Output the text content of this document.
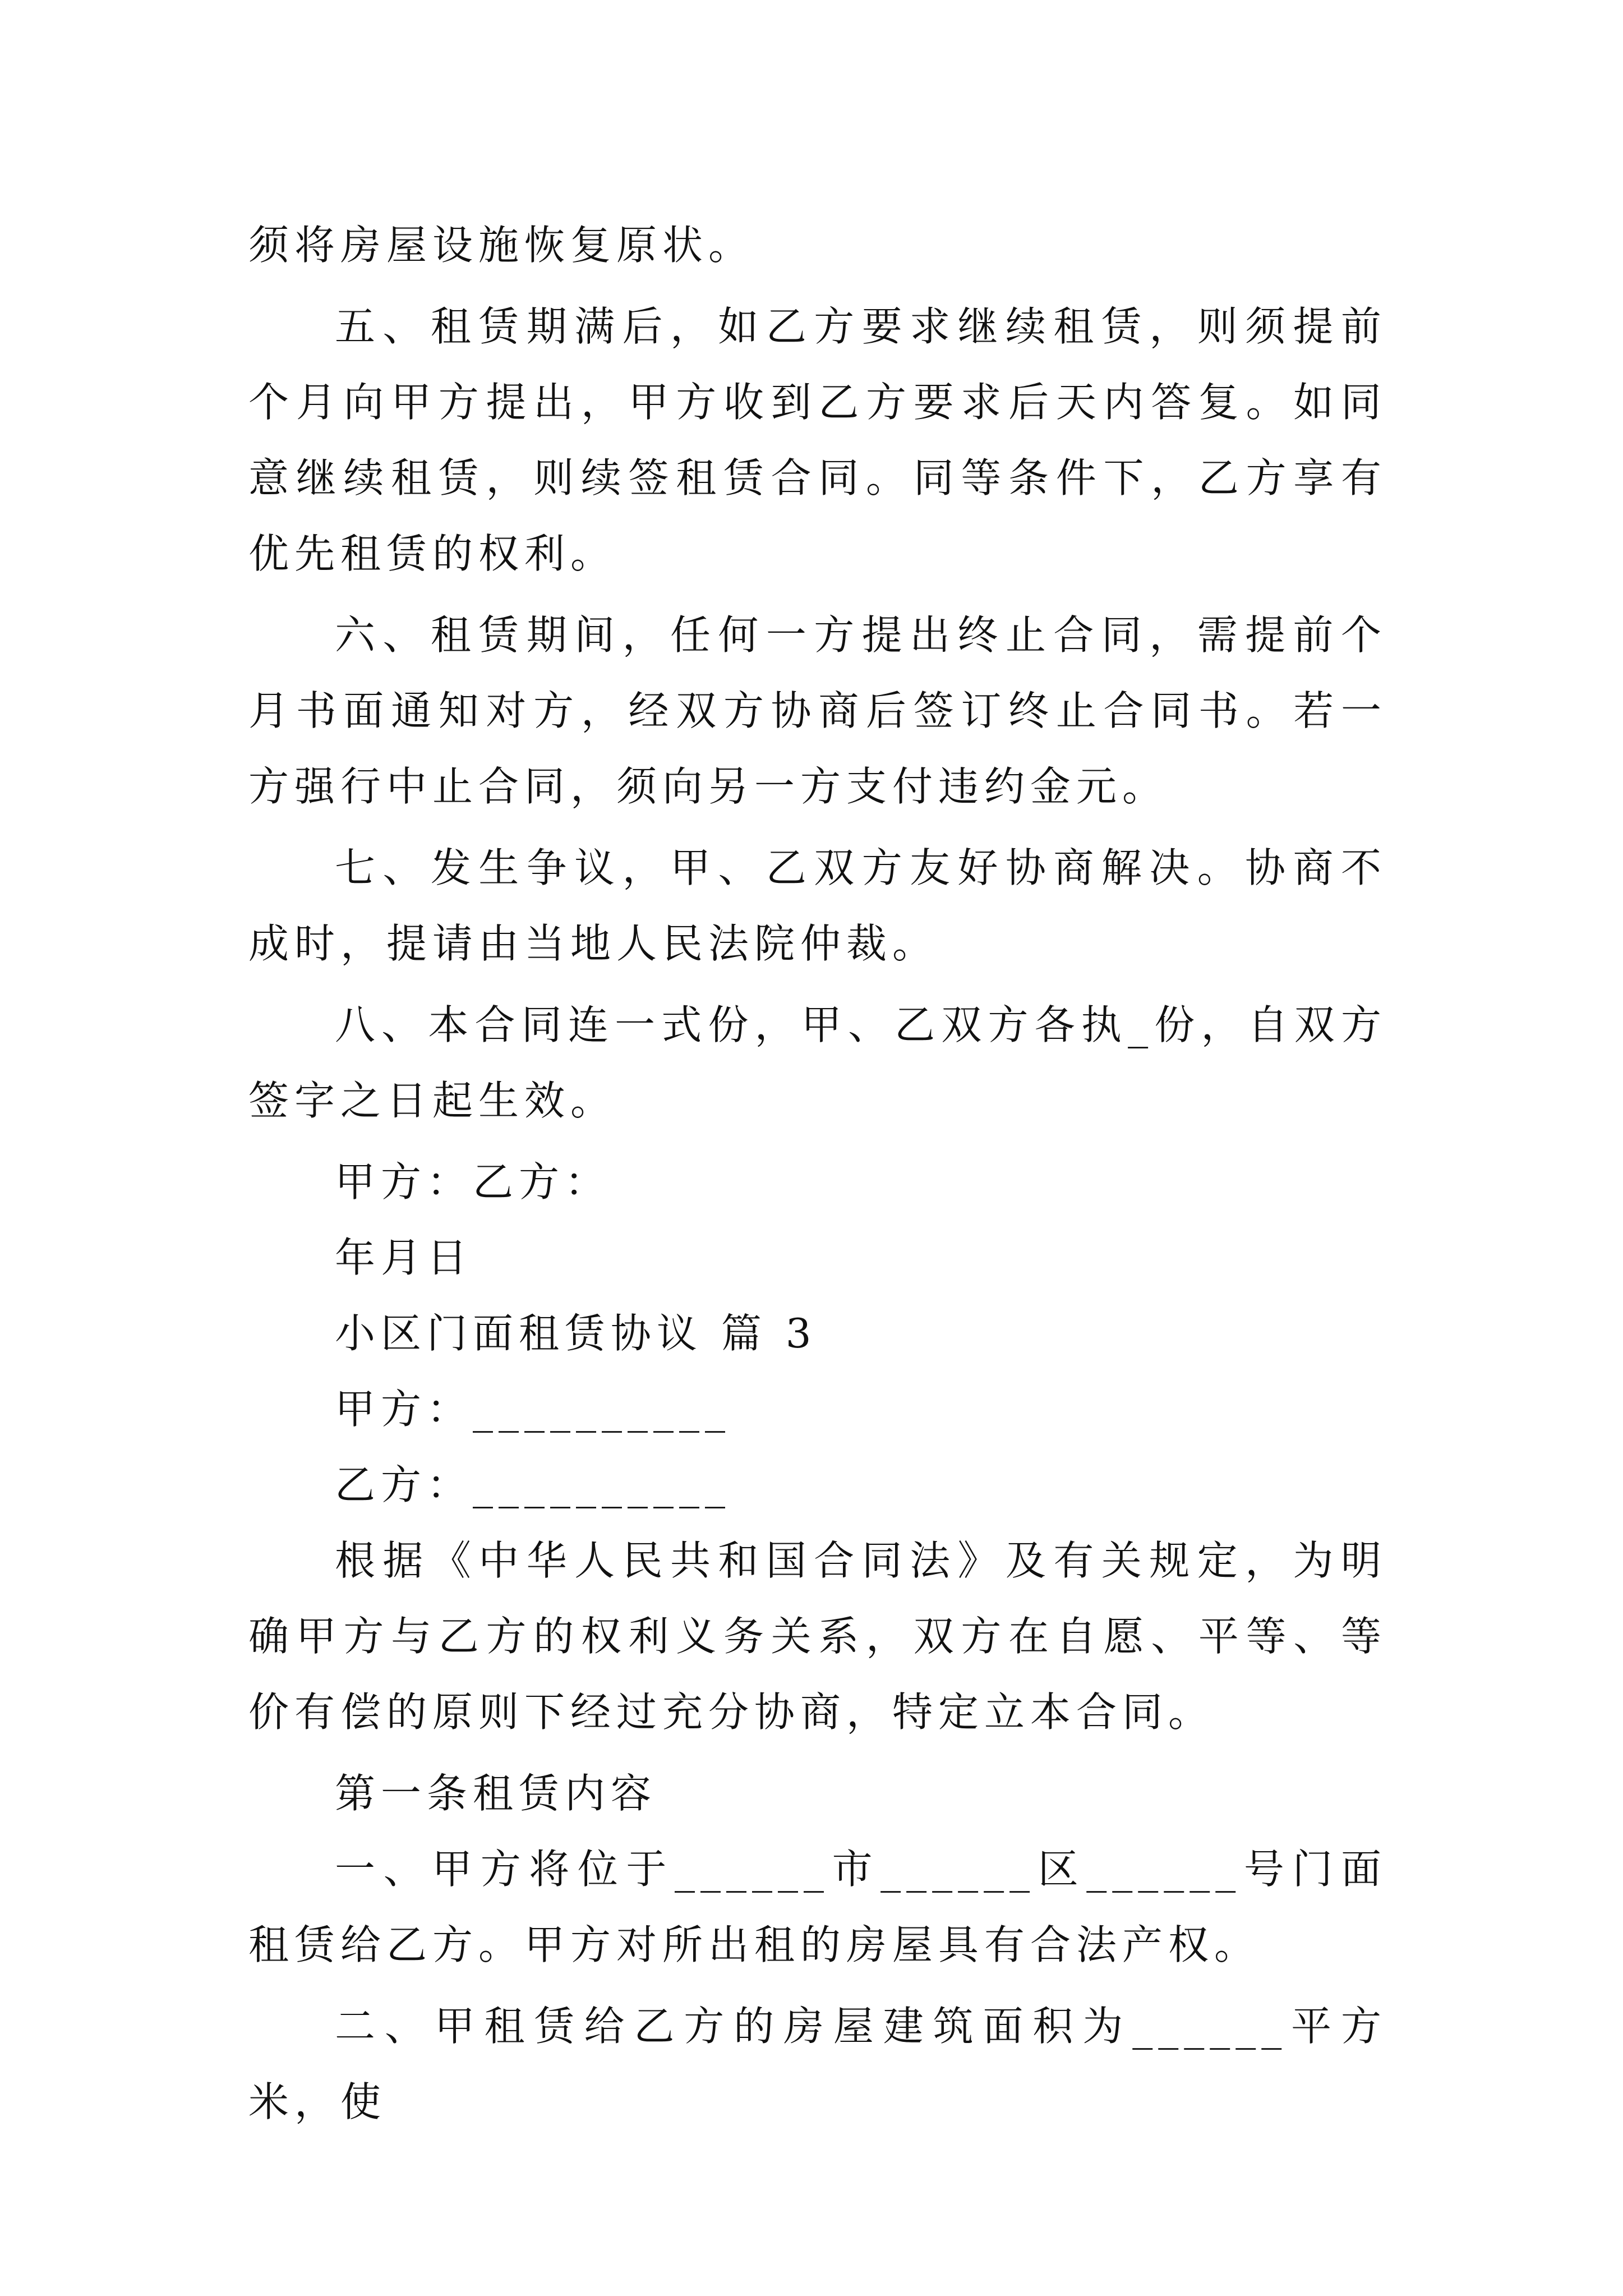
须将房屋设施恢复原状。

五、租赁期满后，如乙方要求继续租赁，则须提前个月向甲方提出，甲方收到乙方要求后天内答复。如同意继续租赁，则续签租赁合同。同等条件下，乙方享有优先租赁的权利。

六、租赁期间，任何一方提出终止合同，需提前个月书面通知对方，经双方协商后签订终止合同书。若一方强行中止合同，须向另一方支付违约金元。

七、发生争议，甲、乙双方友好协商解决。协商不成时，提请由当地人民法院仲裁。

八、本合同连一式份，甲、乙双方各执_份，自双方签字之日起生效。

甲方：乙方：

年月日

小区门面租赁协议 篇 3

甲方：__________

乙方：__________

根据《中华人民共和国合同法》及有关规定，为明确甲方与乙方的权利义务关系，双方在自愿、平等、等价有偿的原则下经过充分协商，特定立本合同。

第一条租赁内容

一、甲方将位于______市______区______号门面租赁给乙方。甲方对所出租的房屋具有合法产权。

二、甲租赁给乙方的房屋建筑面积为______平方米，使
